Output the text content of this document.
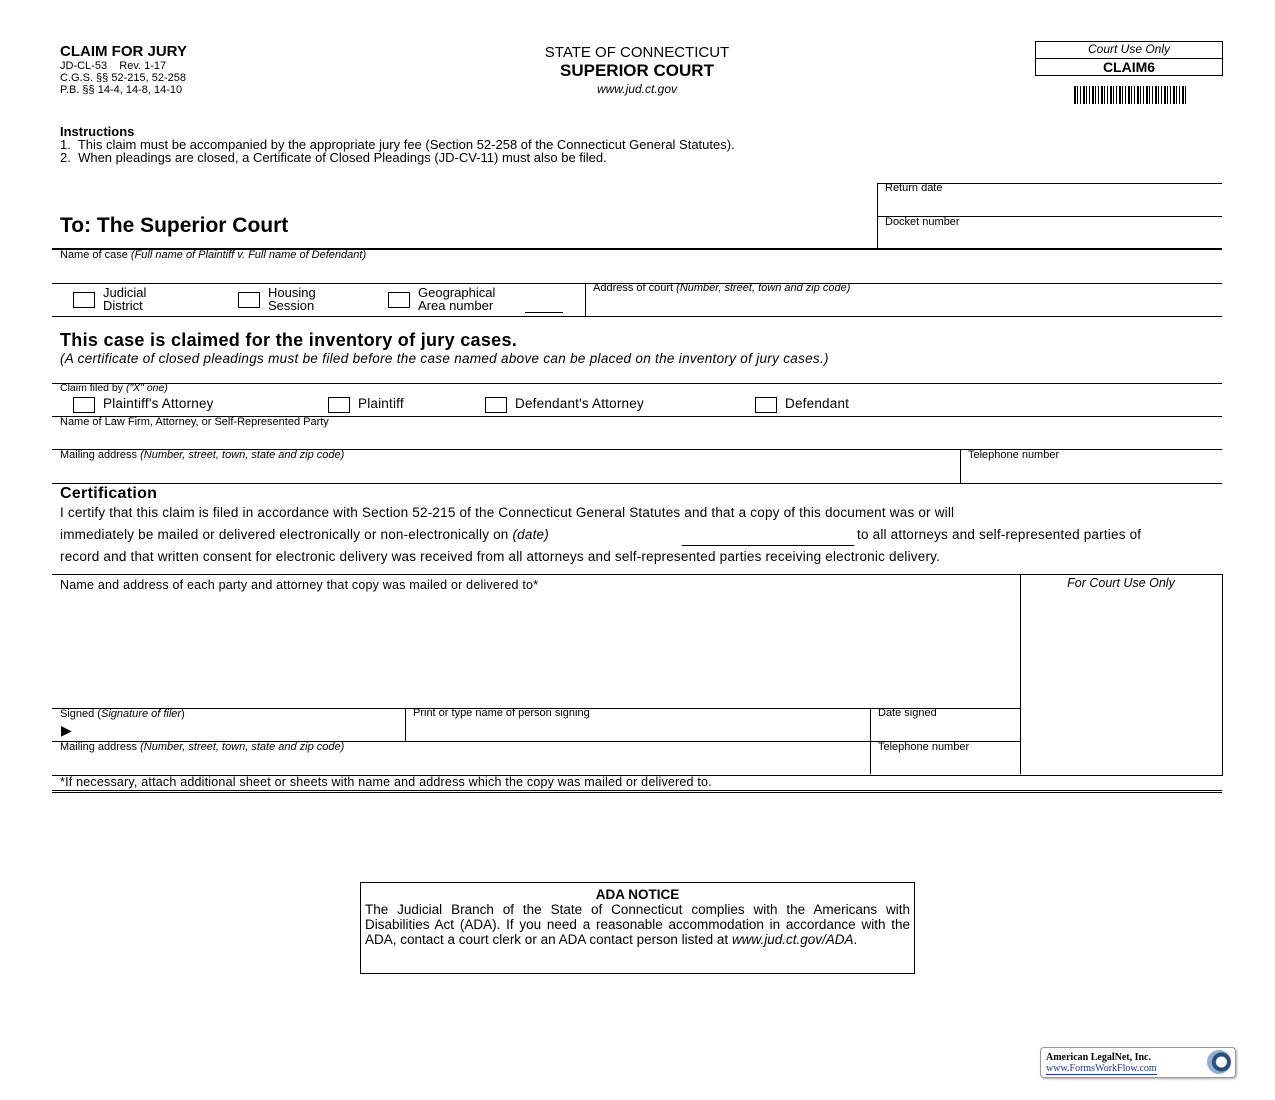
CLAIM FOR JURY
JD-CL-53    Rev. 1-17
C.G.S. §§ 52-215, 52-258
P.B. §§ 14-4, 14-8, 14-10
STATE OF CONNECTICUT
SUPERIOR COURT
www.jud.ct.gov
Court Use Only
CLAIM6
Instructions
1.  This claim must be accompanied by the appropriate jury fee (Section 52-258 of the Connecticut General Statutes).
2.  When pleadings are closed, a Certificate of Closed Pleadings (JD-CV-11) must also be filed.
Return date
Docket number
To: The Superior Court
Name of case (Full name of Plaintiff v. Full name of Defendant)
Judicial
District
Housing
Session
Geographical
Area number
Address of court (Number, street, town and zip code)
This case is claimed for the inventory of jury cases.
(A certificate of closed pleadings must be filed before the case named above can be placed on the inventory of jury cases.)
Claim filed by ("X" one)
Plaintiff's Attorney	Plaintiff	Defendant's Attorney	Defendant
Name of Law Firm, Attorney, or Self-Represented Party
Mailing address (Number, street, town, state and zip code)	Telephone number
Certification
I certify that this claim is filed in accordance with Section 52-215 of the Connecticut General Statutes and that a copy of this document was or will
immediately be mailed or delivered electronically or non-electronically on (date)	to all attorneys and self-represented parties of
record and that written consent for electronic delivery was received from all attorneys and self-represented parties receiving electronic delivery.
Name and address of each party and attorney that copy was mailed or delivered to*	For Court Use Only
Signed (Signature of filer)
▶
Print or type name of person signing	Date signed
Mailing address (Number, street, town, state and zip code)	Telephone number
*If necessary, attach additional sheet or sheets with name and address which the copy was mailed or delivered to.
ADA NOTICE
The Judicial Branch of the State of Connecticut complies with the Americans with Disabilities Act (ADA). If you need a reasonable accommodation in accordance with the ADA, contact a court clerk or an ADA contact person listed at www.jud.ct.gov/ADA.
American LegalNet, Inc.
www.FormsWorkFlow.com
